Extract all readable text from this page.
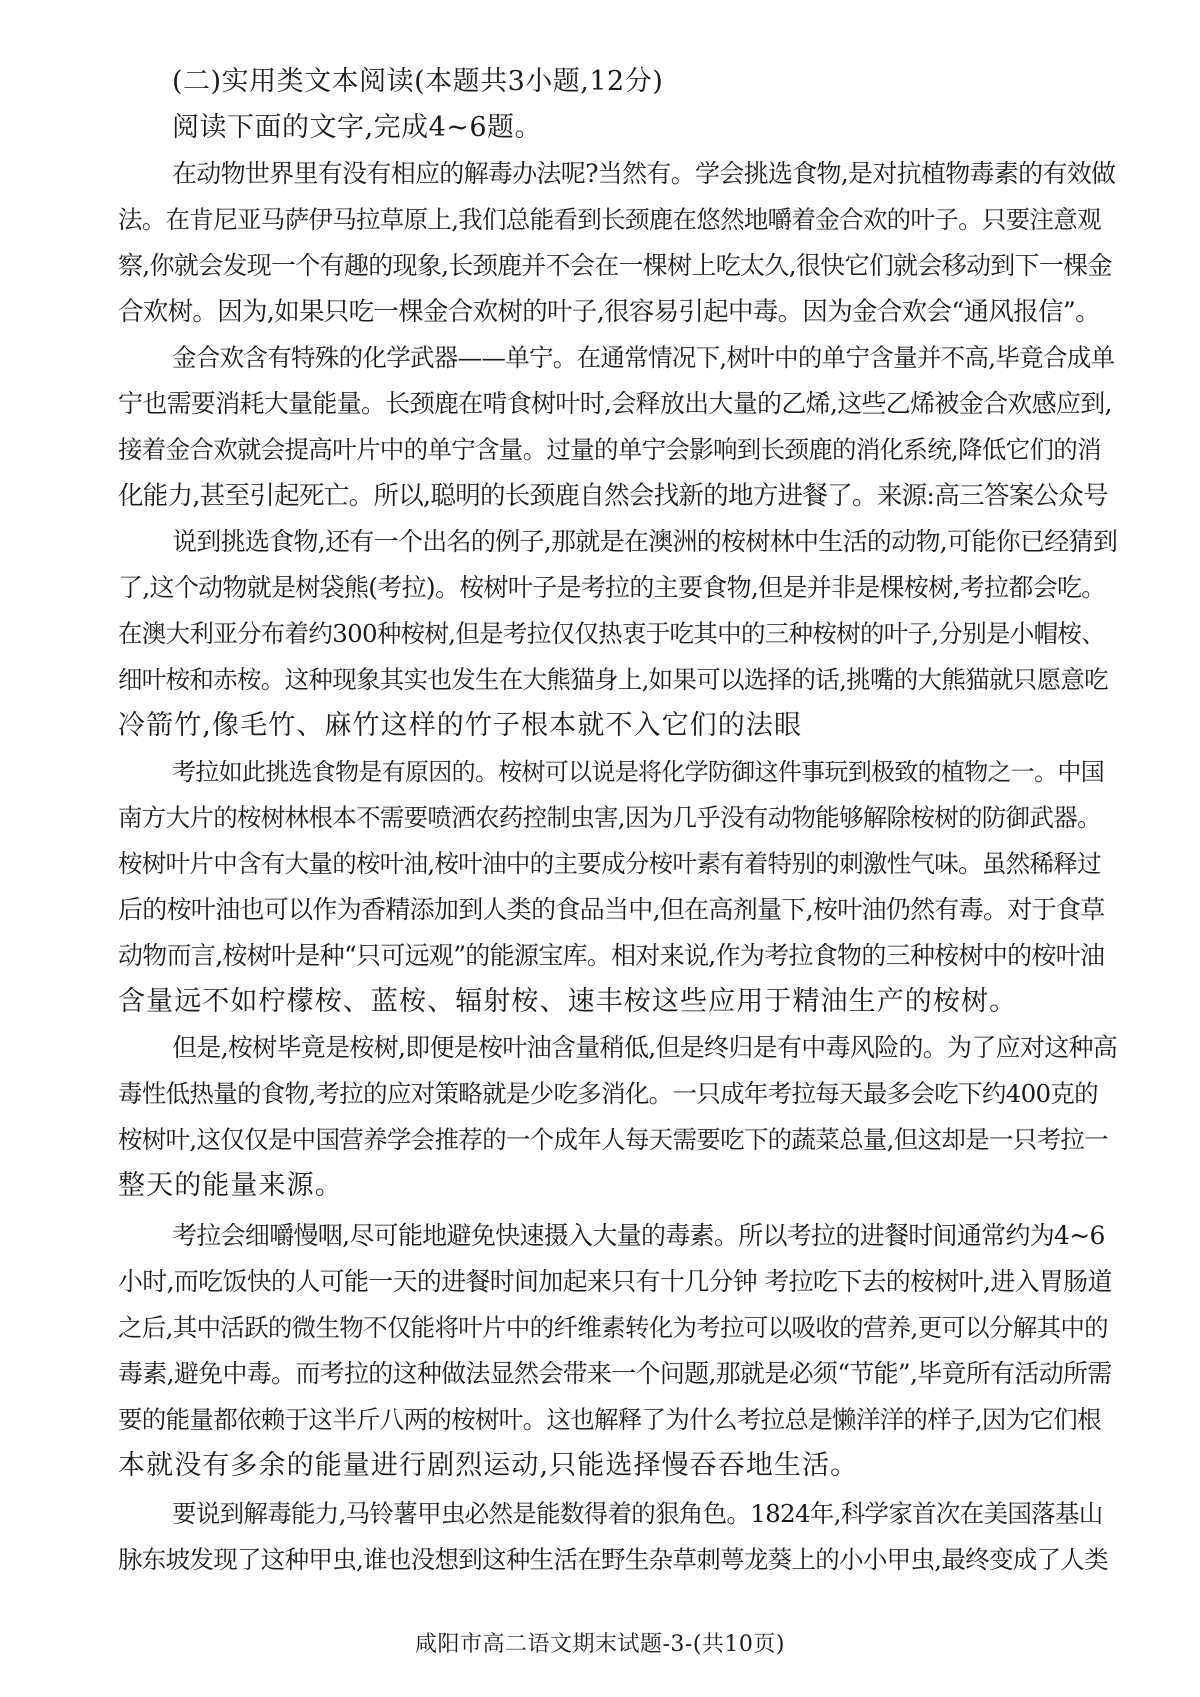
(二)实用类文本阅读(本题共3小题,12分)
阅读下面的文字,完成4~6题。
在动物世界里有没有相应的解毒办法呢?当然有。学会挑选食物,是对抗植物毒素的有效做
法。在肯尼亚马萨伊马拉草原上,我们总能看到长颈鹿在悠然地嚼着金合欢的叶子。只要注意观
察,你就会发现一个有趣的现象,长颈鹿并不会在一棵树上吃太久,很快它们就会移动到下一棵金
合欢树。因为,如果只吃一棵金合欢树的叶子,很容易引起中毒。因为金合欢会“通风报信”。
金合欢含有特殊的化学武器——单宁。在通常情况下,树叶中的单宁含量并不高,毕竟合成单
宁也需要消耗大量能量。长颈鹿在啃食树叶时,会释放出大量的乙烯,这些乙烯被金合欢感应到,
接着金合欢就会提高叶片中的单宁含量。过量的单宁会影响到长颈鹿的消化系统,降低它们的消
化能力,甚至引起死亡。所以,聪明的长颈鹿自然会找新的地方进餐了。来源:高三答案公众号
说到挑选食物,还有一个出名的例子,那就是在澳洲的桉树林中生活的动物,可能你已经猜到
了,这个动物就是树袋熊(考拉)。桉树叶子是考拉的主要食物,但是并非是棵桉树,考拉都会吃。
在澳大利亚分布着约300种桉树,但是考拉仅仅热衷于吃其中的三种桉树的叶子,分别是小帽桉、
细叶桉和赤桉。这种现象其实也发生在大熊猫身上,如果可以选择的话,挑嘴的大熊猫就只愿意吃
冷箭竹,像毛竹、麻竹这样的竹子根本就不入它们的法眼
考拉如此挑选食物是有原因的。桉树可以说是将化学防御这件事玩到极致的植物之一。中国
南方大片的桉树林根本不需要喷洒农药控制虫害,因为几乎没有动物能够解除桉树的防御武器。
桉树叶片中含有大量的桉叶油,桉叶油中的主要成分桉叶素有着特别的刺激性气味。虽然稀释过
后的桉叶油也可以作为香精添加到人类的食品当中,但在高剂量下,桉叶油仍然有毒。对于食草
动物而言,桉树叶是种“只可远观”的能源宝库。相对来说,作为考拉食物的三种桉树中的桉叶油
含量远不如柠檬桉、蓝桉、辐射桉、速丰桉这些应用于精油生产的桉树。
但是,桉树毕竟是桉树,即便是桉叶油含量稍低,但是终归是有中毒风险的。为了应对这种高
毒性低热量的食物,考拉的应对策略就是少吃多消化。一只成年考拉每天最多会吃下约400克的
桉树叶,这仅仅是中国营养学会推荐的一个成年人每天需要吃下的蔬菜总量,但这却是一只考拉一
整天的能量来源。
考拉会细嚼慢咽,尽可能地避免快速摄入大量的毒素。所以考拉的进餐时间通常约为4~6
小时,而吃饭快的人可能一天的进餐时间加起来只有十几分钟 考拉吃下去的桉树叶,进入胃肠道
之后,其中活跃的微生物不仅能将叶片中的纤维素转化为考拉可以吸收的营养,更可以分解其中的
毒素,避免中毒。而考拉的这种做法显然会带来一个问题,那就是必须“节能”,毕竟所有活动所需
要的能量都依赖于这半斤八两的桉树叶。这也解释了为什么考拉总是懒洋洋的样子,因为它们根
本就没有多余的能量进行剧烈运动,只能选择慢吞吞地生活。
要说到解毒能力,马铃薯甲虫必然是能数得着的狠角色。1824年,科学家首次在美国落基山
脉东坡发现了这种甲虫,谁也没想到这种生活在野生杂草刺萼龙葵上的小小甲虫,最终变成了人类
咸阳市高二语文期末试题-3-(共10页)
